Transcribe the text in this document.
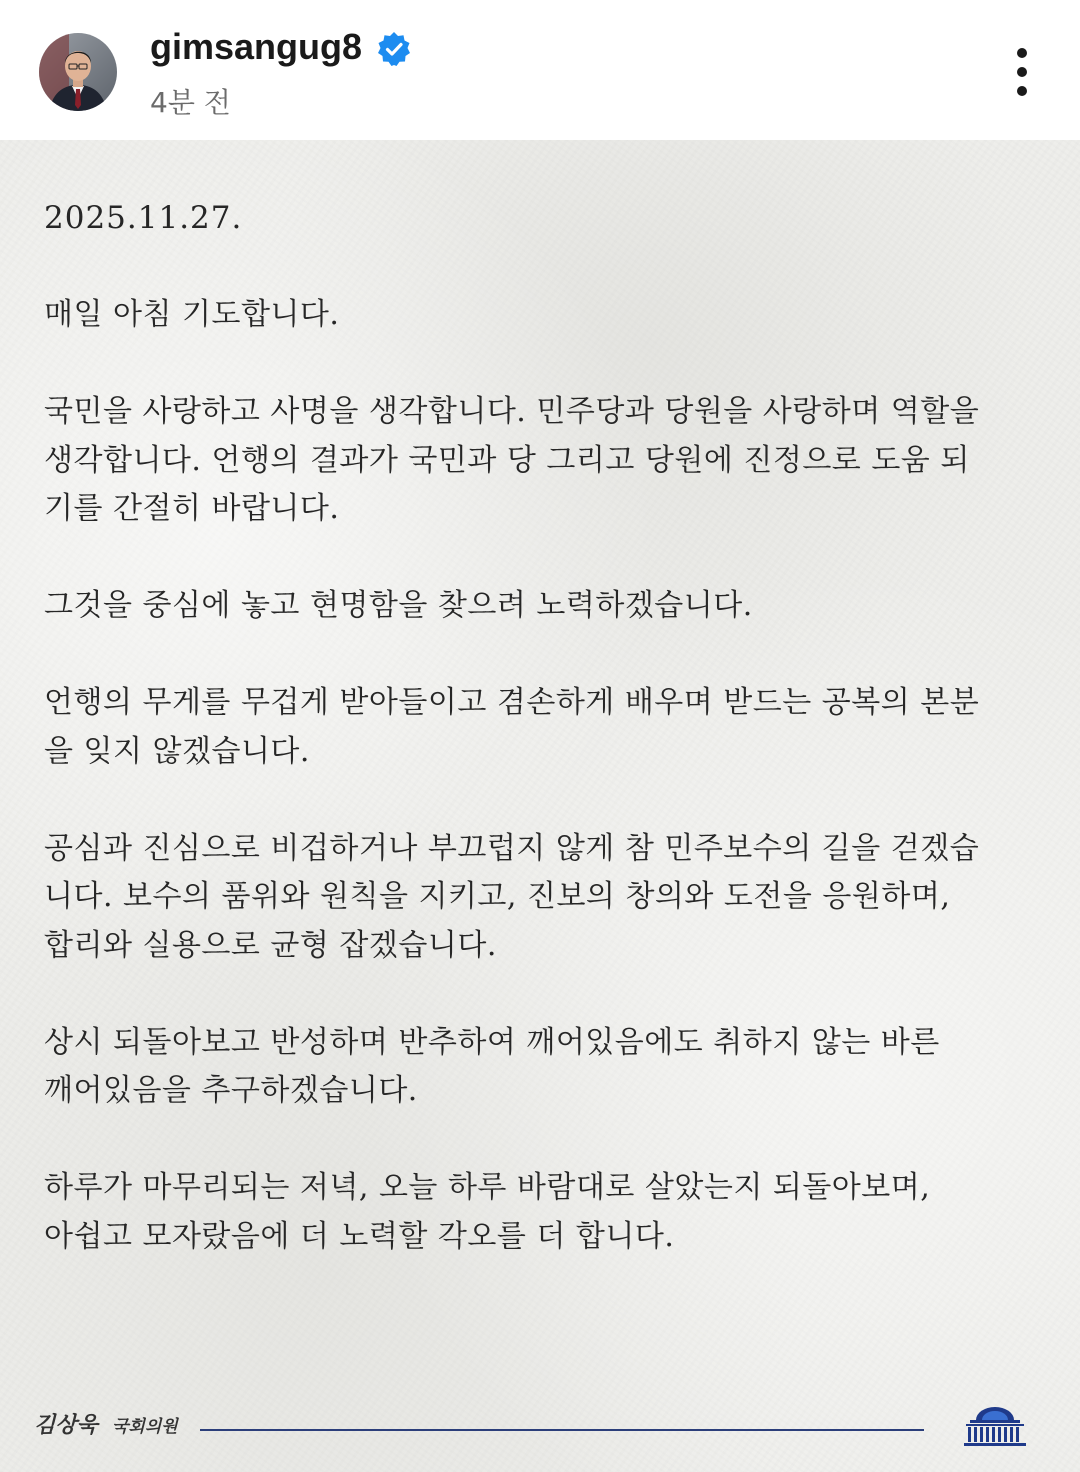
gimsangug8
4분 전

2025.11.27.

매일 아침 기도합니다.

국민을 사랑하고 사명을 생각합니다. 민주당과 당원을 사랑하며 역할을
생각합니다. 언행의 결과가 국민과 당 그리고 당원에 진정으로 도움 되
기를 간절히 바랍니다.

그것을 중심에 놓고 현명함을 찾으려 노력하겠습니다.

언행의 무게를 무겁게 받아들이고 겸손하게 배우며 받드는 공복의 본분
을 잊지 않겠습니다.

공심과 진심으로 비겁하거나 부끄럽지 않게 참 민주보수의 길을 걷겠습
니다. 보수의 품위와 원칙을 지키고, 진보의 창의와 도전을 응원하며,
합리와 실용으로 균형 잡겠습니다.

상시 되돌아보고 반성하며 반추하여 깨어있음에도 취하지 않는 바른
깨어있음을 추구하겠습니다.

하루가 마무리되는 저녁, 오늘 하루 바람대로 살았는지 되돌아보며,
아쉽고 모자랐음에 더 노력할 각오를 더 합니다.

김상욱 국회의원
